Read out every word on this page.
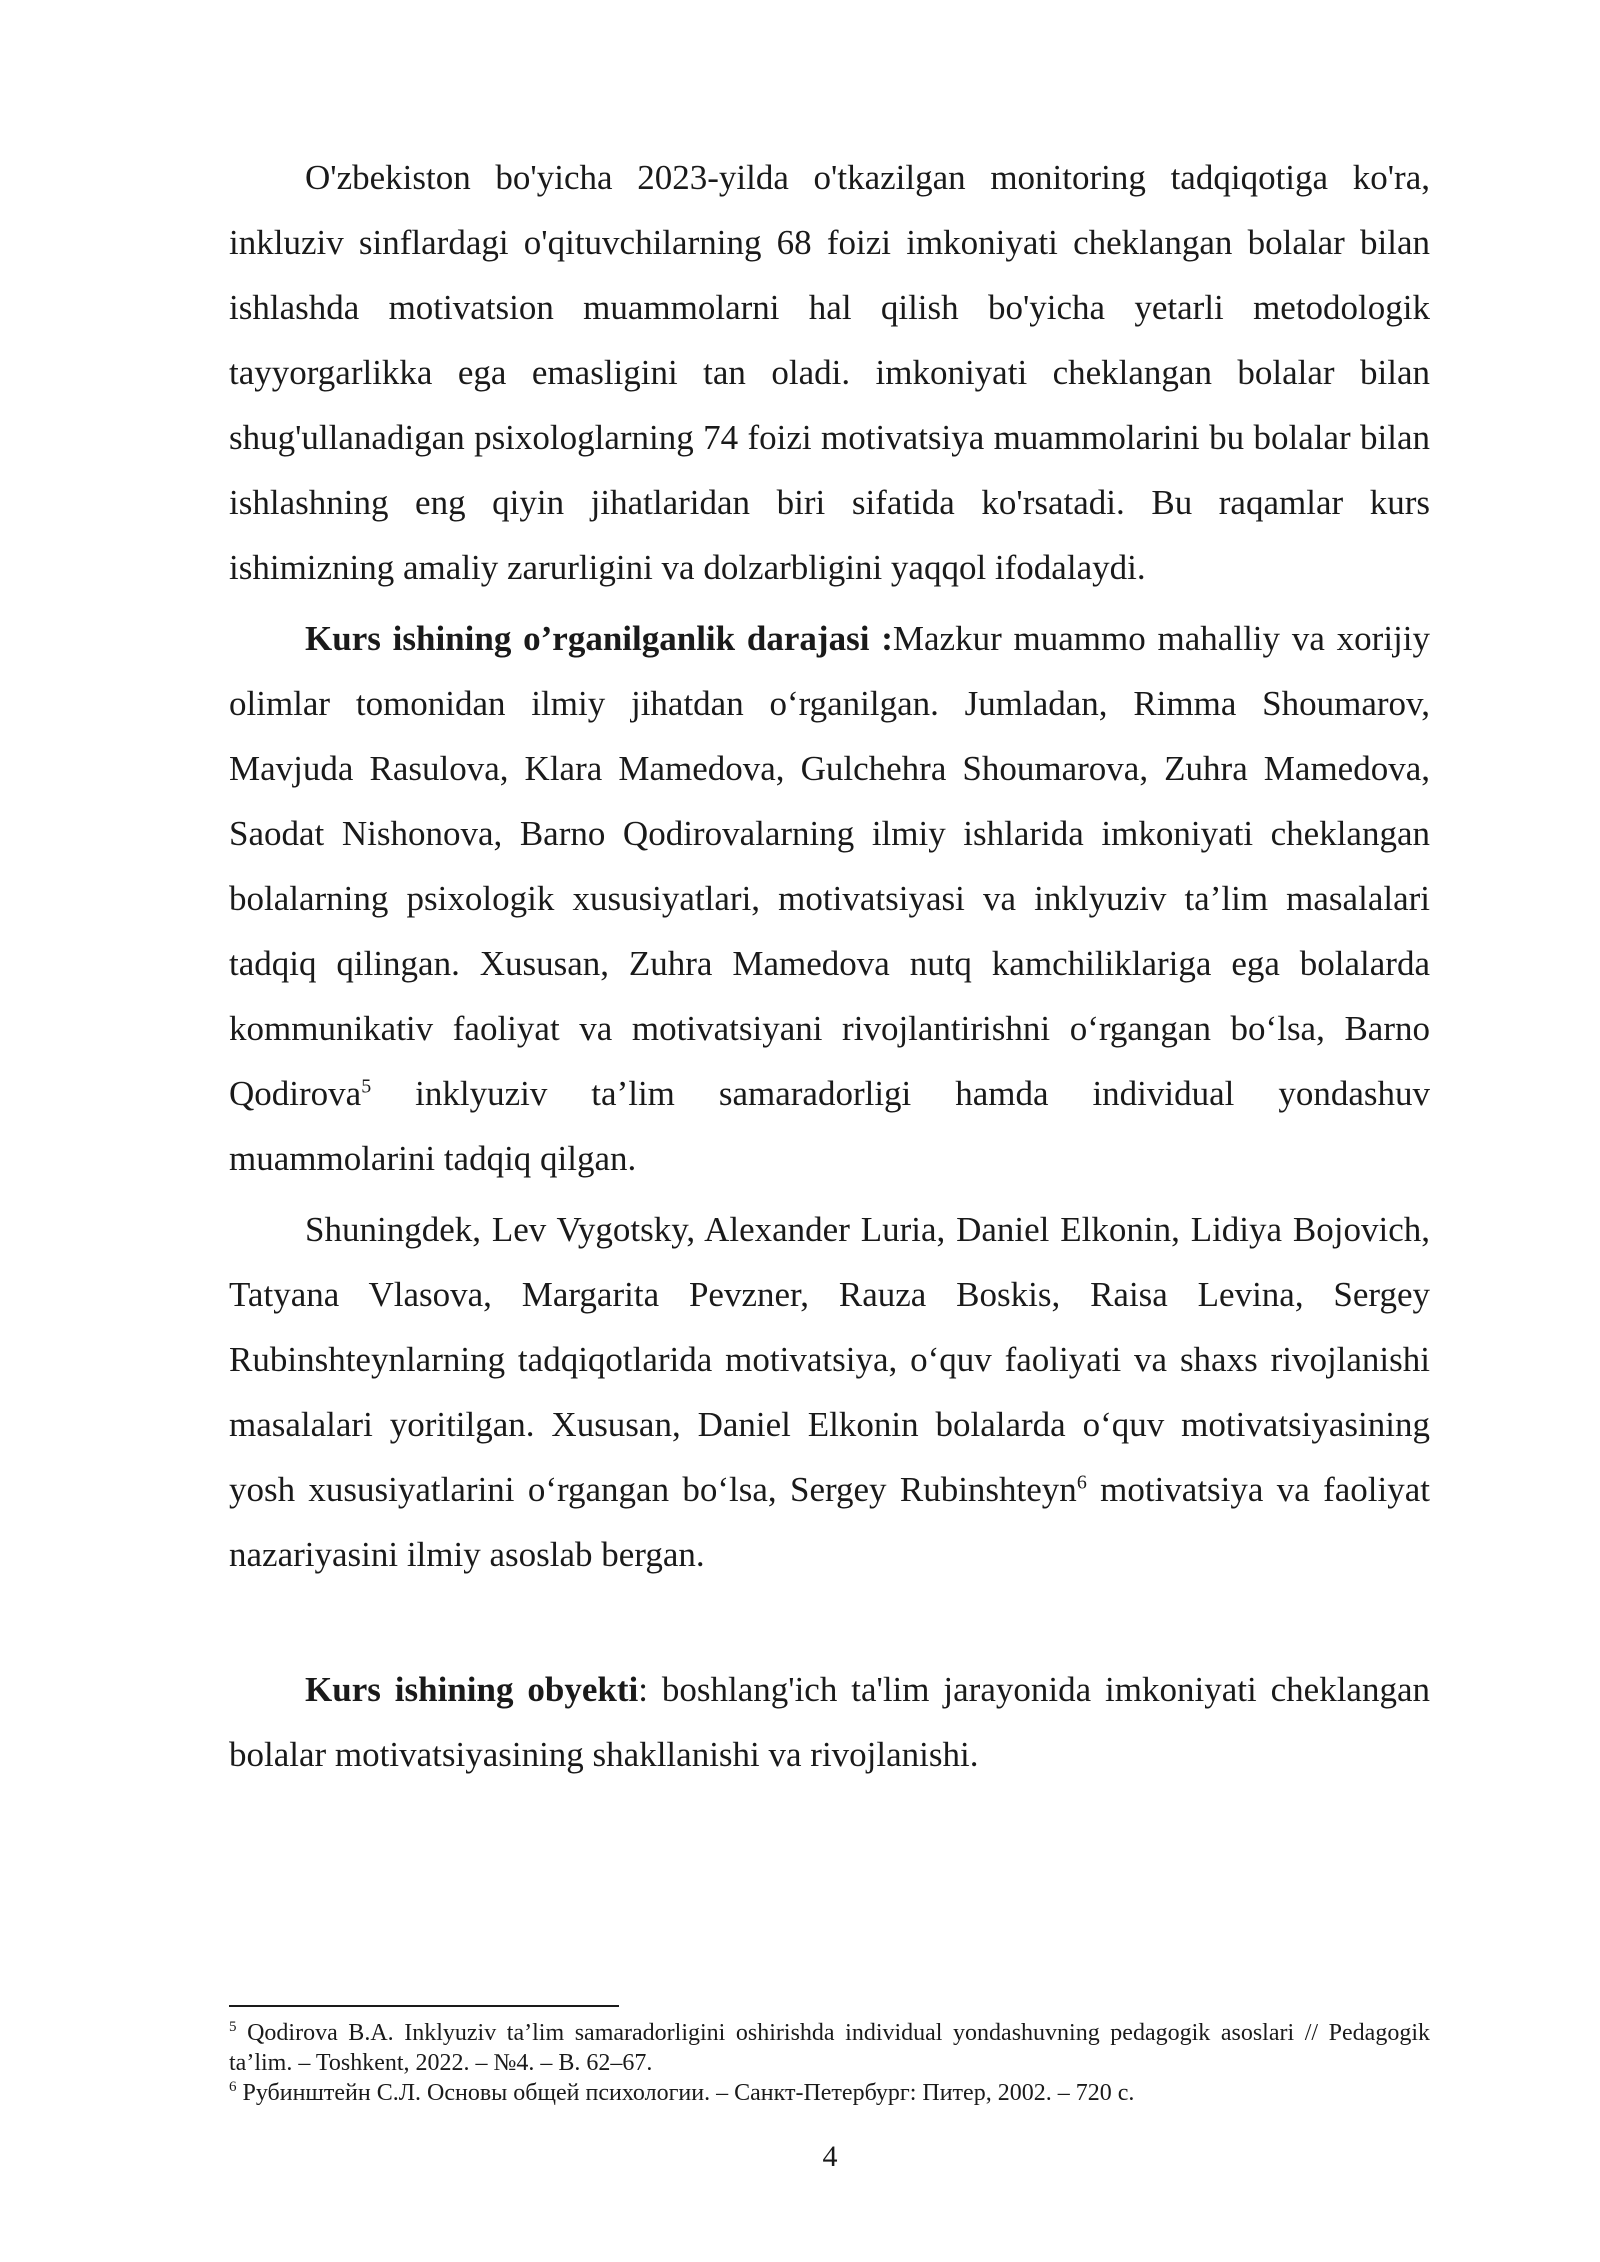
O'zbekiston bo'yicha 2023-yilda o'tkazilgan monitoring tadqiqotiga ko'ra, inkluziv sinflardagi o'qituvchilarning 68 foizi imkoniyati cheklangan bolalar bilan ishlashda motivatsion muammolarni hal qilish bo'yicha yetarli metodologik tayyorgarlikka ega emasligini tan oladi. imkoniyati cheklangan bolalar bilan shug'ullanadigan psixologlarning 74 foizi motivatsiya muammolarini bu bolalar bilan ishlashning eng qiyin jihatlaridan biri sifatida ko'rsatadi. Bu raqamlar kurs ishimizning amaliy zarurligini va dolzarbligini yaqqol ifodalaydi.

Kurs ishining o’rganilganlik darajasi :Mazkur muammo mahalliy va xorijiy olimlar tomonidan ilmiy jihatdan o‘rganilgan. Jumladan, Rimma Shoumarov, Mavjuda Rasulova, Klara Mamedova, Gulchehra Shoumarova, Zuhra Mamedova, Saodat Nishonova, Barno Qodirovalarning ilmiy ishlarida imkoniyati cheklangan bolalarning psixologik xususiyatlari, motivatsiyasi va inklyuziv ta’lim masalalari tadqiq qilingan. Xususan, Zuhra Mamedova nutq kamchiliklariga ega bolalarda kommunikativ faoliyat va motivatsiyani rivojlantirishni o‘rgangan bo‘lsa, Barno Qodirova$^5$ inklyuziv ta’lim samaradorligi hamda individual yondashuv muammolarini tadqiq qilgan.

Shuningdek, Lev Vygotsky, Alexander Luria, Daniel Elkonin, Lidiya Bojovich, Tatyana Vlasova, Margarita Pevzner, Rauza Boskis, Raisa Levina, Sergey Rubinshteynlarning tadqiqotlarida motivatsiya, o‘quv faoliyati va shaxs rivojlanishi masalalari yoritilgan. Xususan, Daniel Elkonin bolalarda o‘quv motivatsiyasining yosh xususiyatlarini o‘rgangan bo‘lsa, Sergey Rubinshteyn$^6$ motivatsiya va faoliyat nazariyasini ilmiy asoslab bergan.

Kurs ishining obyekti: boshlang'ich ta'lim jarayonida imkoniyati cheklangan bolalar motivatsiyasining shakllanishi va rivojlanishi.

$^5$ Qodirova B.A. Inklyuziv ta’lim samaradorligini oshirishda individual yondashuvning pedagogik asoslari // Pedagogik ta’lim. – Toshkent, 2022. – №4. – B. 62–67.

$^6$ Рубинштейн С.Л. Основы общей психологии. – Санкт-Петербург: Питер, 2002. – 720 с.

4
